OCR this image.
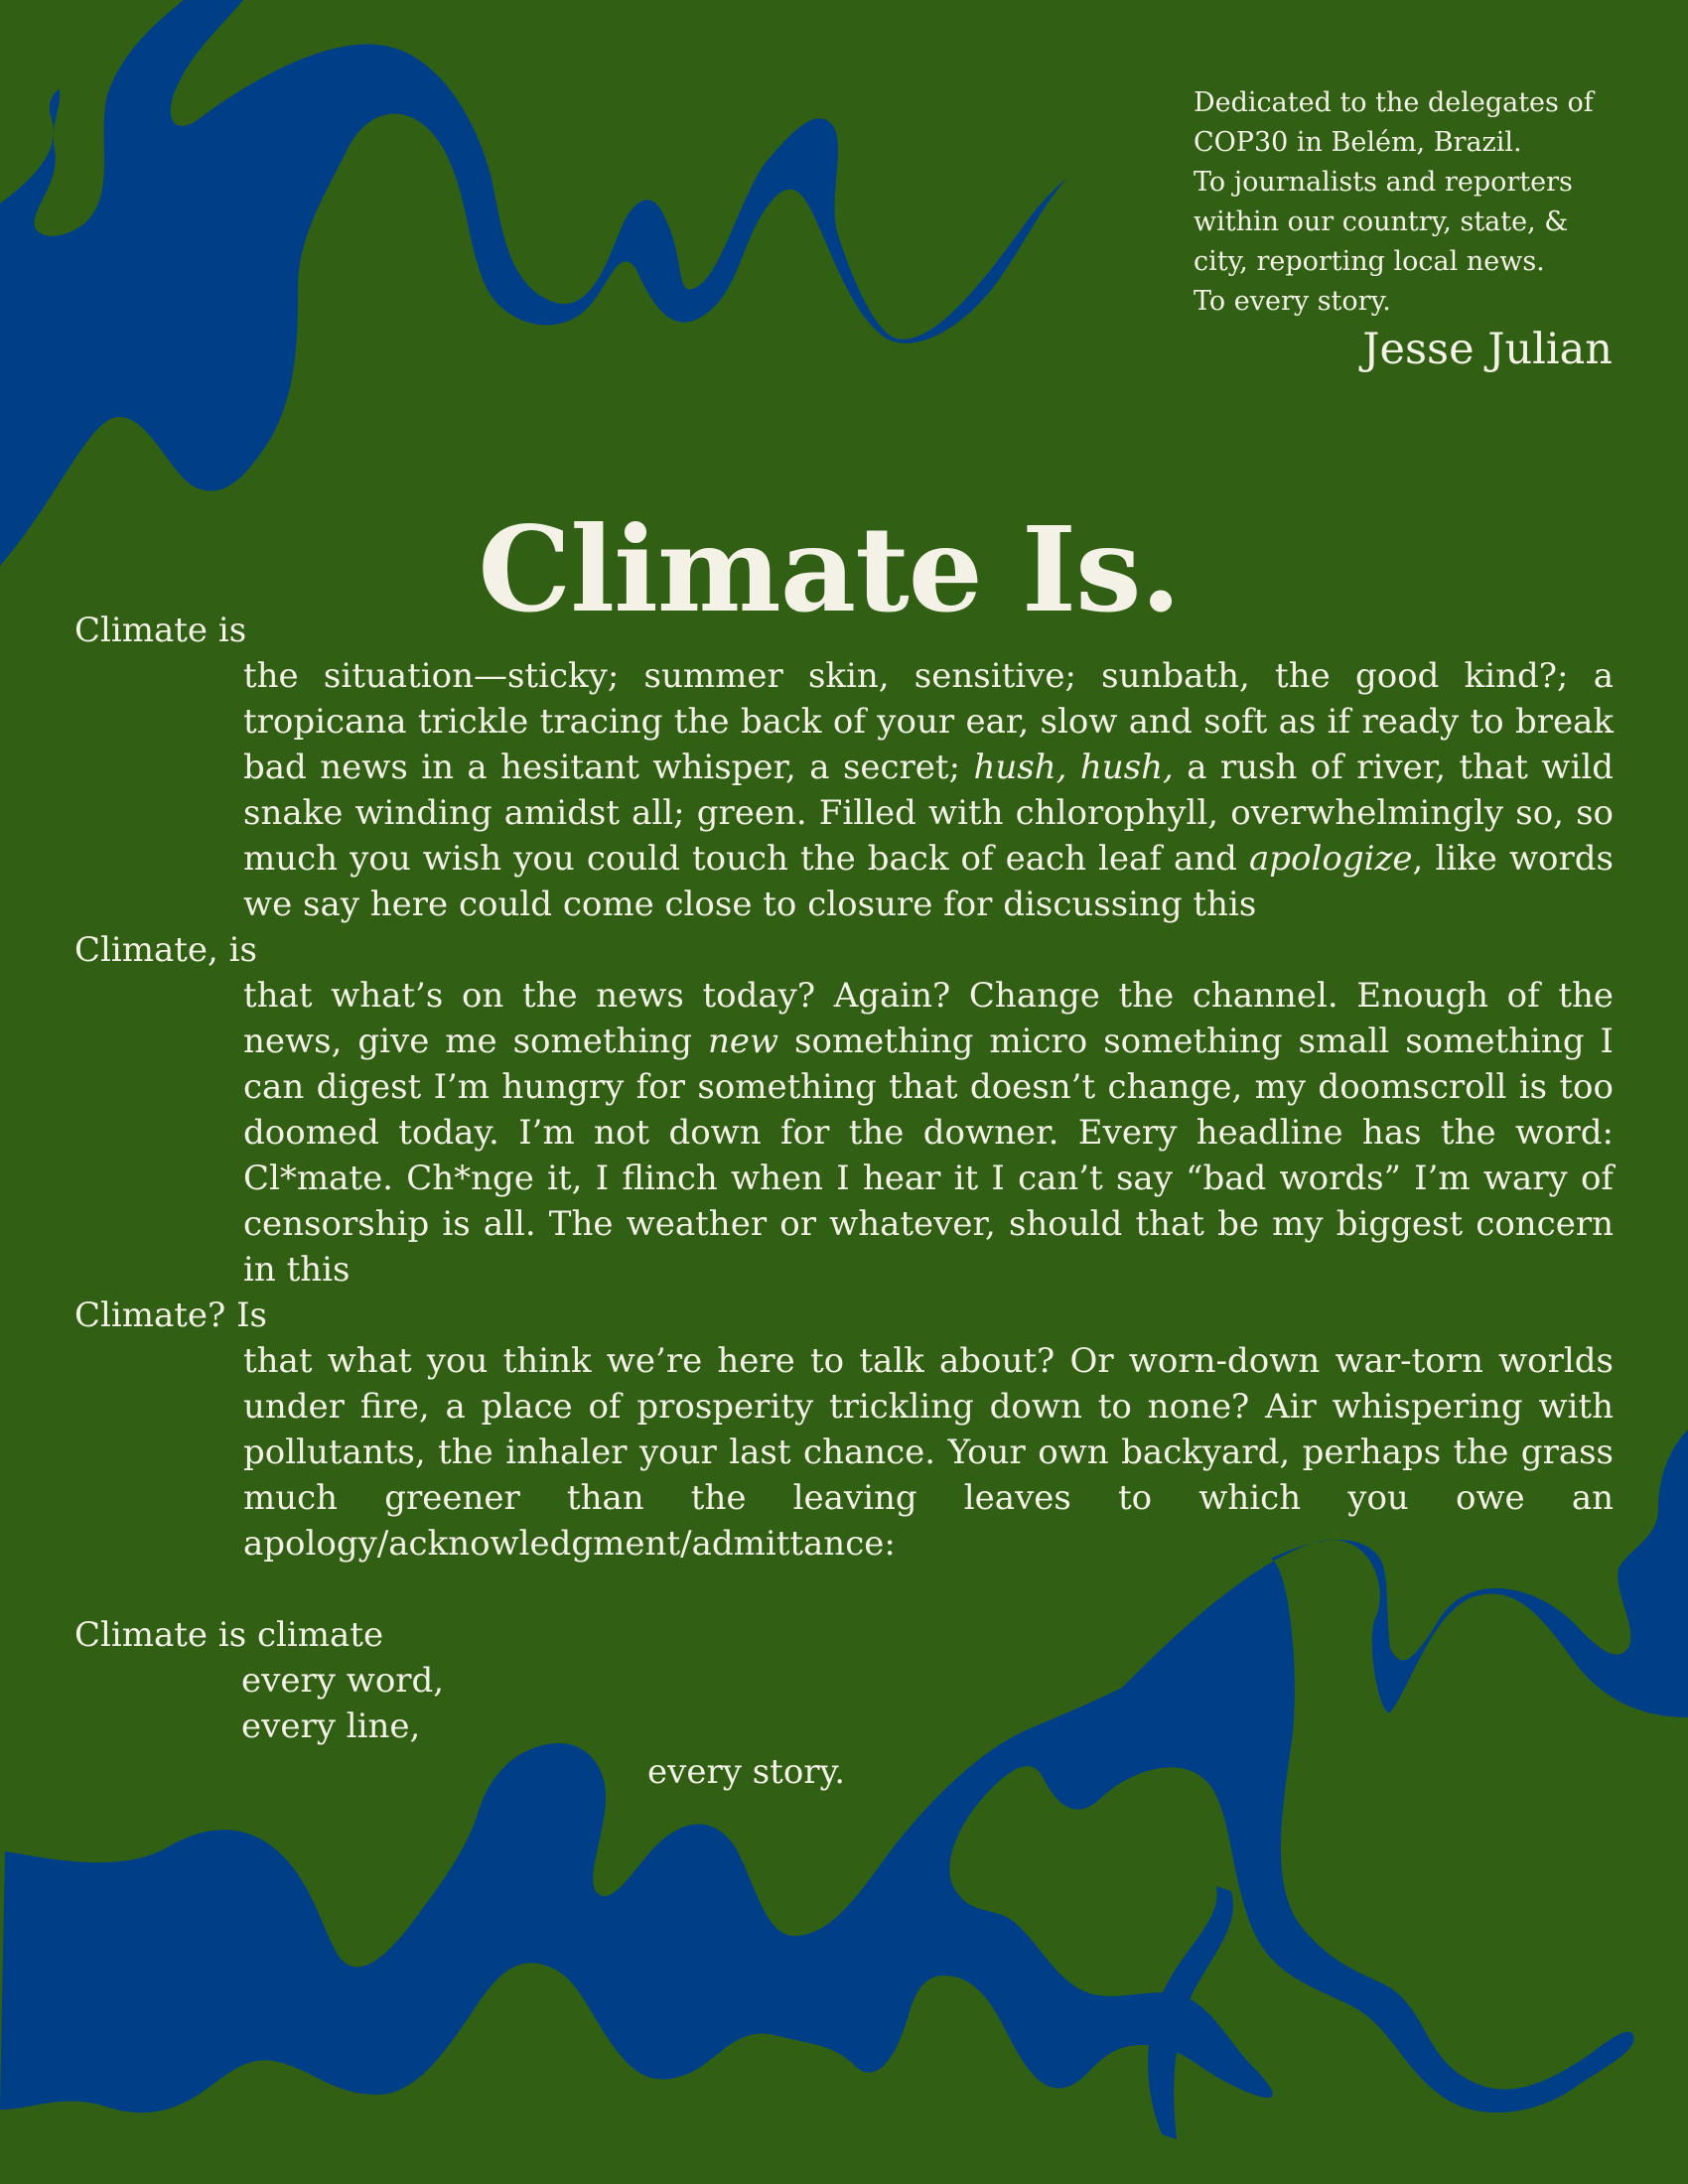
Dedicated to the delegates of
COP30 in Belém, Brazil.
To journalists and reporters
within our country, state, &
city, reporting local news.
To every story.
Jesse Julian
Climate Is.
Climate is
the situation—sticky; summer skin, sensitive; sunbath, the good kind?; a tropicana trickle tracing the back of your ear, slow and soft as if ready to break bad news in a hesitant whisper, a secret; hush, hush, a rush of river, that wild snake winding amidst all; green. Filled with chlorophyll, overwhelmingly so, so much you wish you could touch the back of each leaf and apologize, like words we say here could come close to closure for discussing this
Climate, is
that what’s on the news today? Again? Change the channel. Enough of the news, give me something new something micro something small something I can digest I’m hungry for something that doesn’t change, my doomscroll is too doomed today. I’m not down for the downer. Every headline has the word: Cl*mate. Ch*nge it, I flinch when I hear it I can’t say “bad words” I’m wary of censorship is all. The weather or whatever, should that be my biggest concern in this
Climate? Is
that what you think we’re here to talk about? Or worn-down war-torn worlds under fire, a place of prosperity trickling down to none? Air whispering with pollutants, the inhaler your last chance. Your own backyard, perhaps the grass much greener than the leaving leaves to which you owe an apology/acknowledgment/admittance:
Climate is climate
every word,
every line,
every story.
